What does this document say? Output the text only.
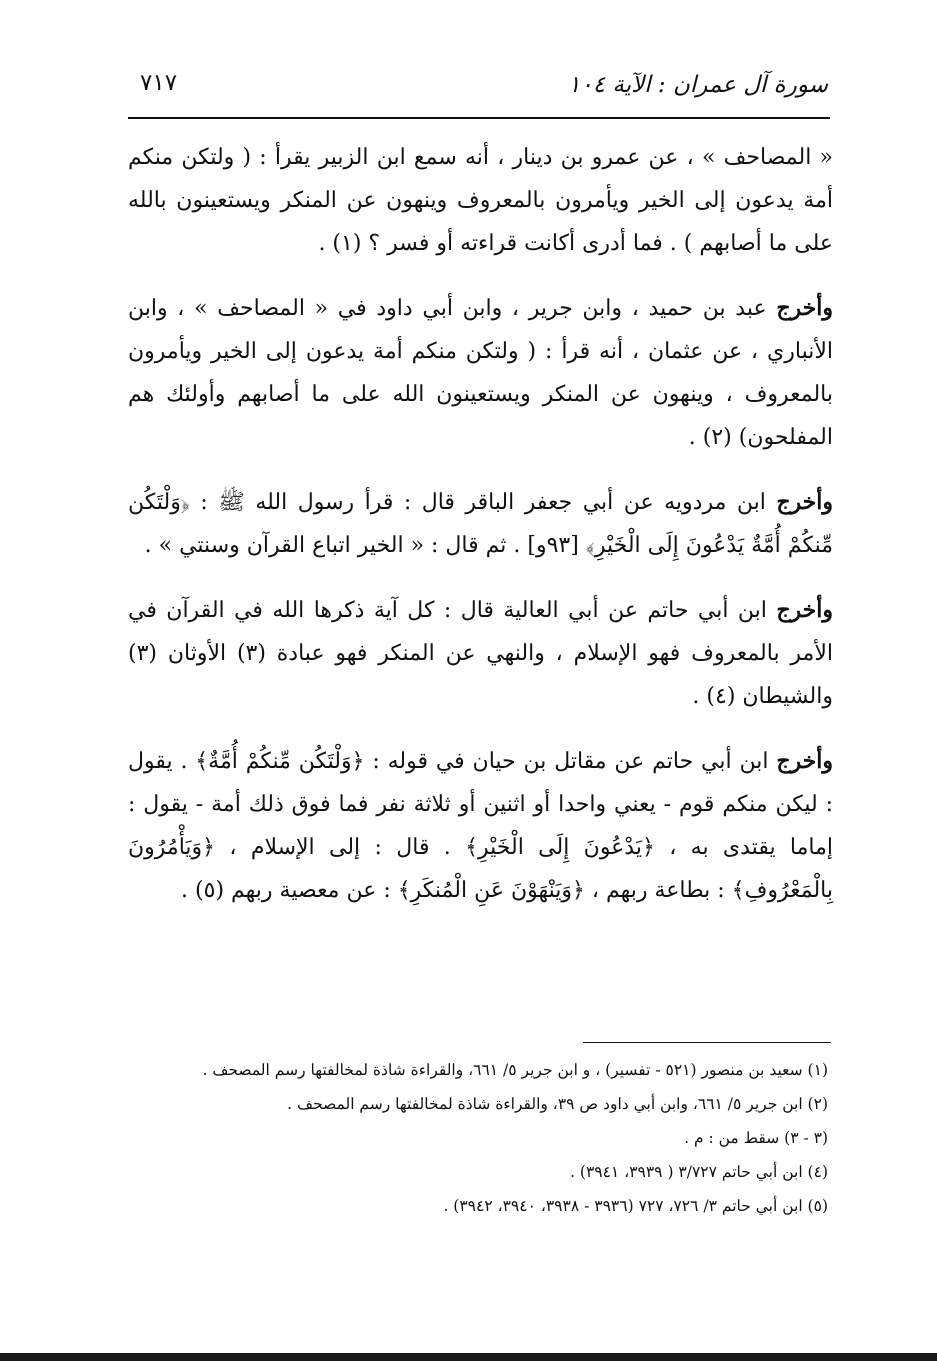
سورة آل عمران : الآية ١٠٤
٧١٧

« المصاحف » ، عن عمرو بن دينار ، أنه سمع ابن الزبير يقرأ : ( ولتكن منكم أمة يدعون إلى الخير ويأمرون بالمعروف وينهون عن المنكر ويستعينون بالله على ما أصابهم ) . فما أدرى أكانت قراءته أو فسر ؟ (١) .

وأخرج عبد بن حميد ، وابن جرير ، وابن أبي داود في « المصاحف » ، وابن الأنباري ، عن عثمان ، أنه قرأ : ( ولتكن منكم أمة يدعون إلى الخير ويأمرون بالمعروف ، وينهون عن المنكر ويستعينون الله على ما أصابهم وأولئك هم المفلحون) (٢) .

وأخرج ابن مردويه عن أبي جعفر الباقر قال : قرأ رسول الله ﷺ : ﴿وَلْتَكُن مِّنكُمْ أُمَّةٌ يَدْعُونَ إِلَى الْخَيْرِ﴾ [٩٣و] . ثم قال : « الخير اتباع القرآن وسنتي » .

وأخرج ابن أبي حاتم عن أبي العالية قال : كل آية ذكرها الله في القرآن في الأمر بالمعروف فهو الإسلام ، والنهي عن المنكر فهو عبادة (٣) الأوثان (٣) والشيطان (٤) .

وأخرج ابن أبي حاتم عن مقاتل بن حيان في قوله : ﴿وَلْتَكُن مِّنكُمْ أُمَّةٌ﴾ . يقول : ليكن منكم قوم - يعني واحدا أو اثنين أو ثلاثة نفر فما فوق ذلك أمة - يقول : إماما يقتدى به ، ﴿يَدْعُونَ إِلَى الْخَيْرِ﴾ . قال : إلى الإسلام ، ﴿وَيَأْمُرُونَ بِالْمَعْرُوفِ﴾ : بطاعة ربهم ، ﴿وَيَنْهَوْنَ عَنِ الْمُنكَرِ﴾ : عن معصية ربهم (٥) .

(١) سعيد بن منصور (٥٢١ - تفسير) ، و ابن جرير ٥/ ٦٦١، والقراءة شاذة لمخالفتها رسم المصحف .
(٢) ابن جرير ٥/ ٦٦١، وابن أبي داود ص ٣٩، والقراءة شاذة لمخالفتها رسم المصحف .
(٣ - ٣) سقط من : م .
(٤) ابن أبي حاتم ٣/٧٢٧ ( ٣٩٣٩، ٣٩٤١) .
(٥) ابن أبي حاتم ٣/ ٧٢٦، ٧٢٧ (٣٩٣٦ - ٣٩٣٨، ٣٩٤٠، ٣٩٤٢) .
